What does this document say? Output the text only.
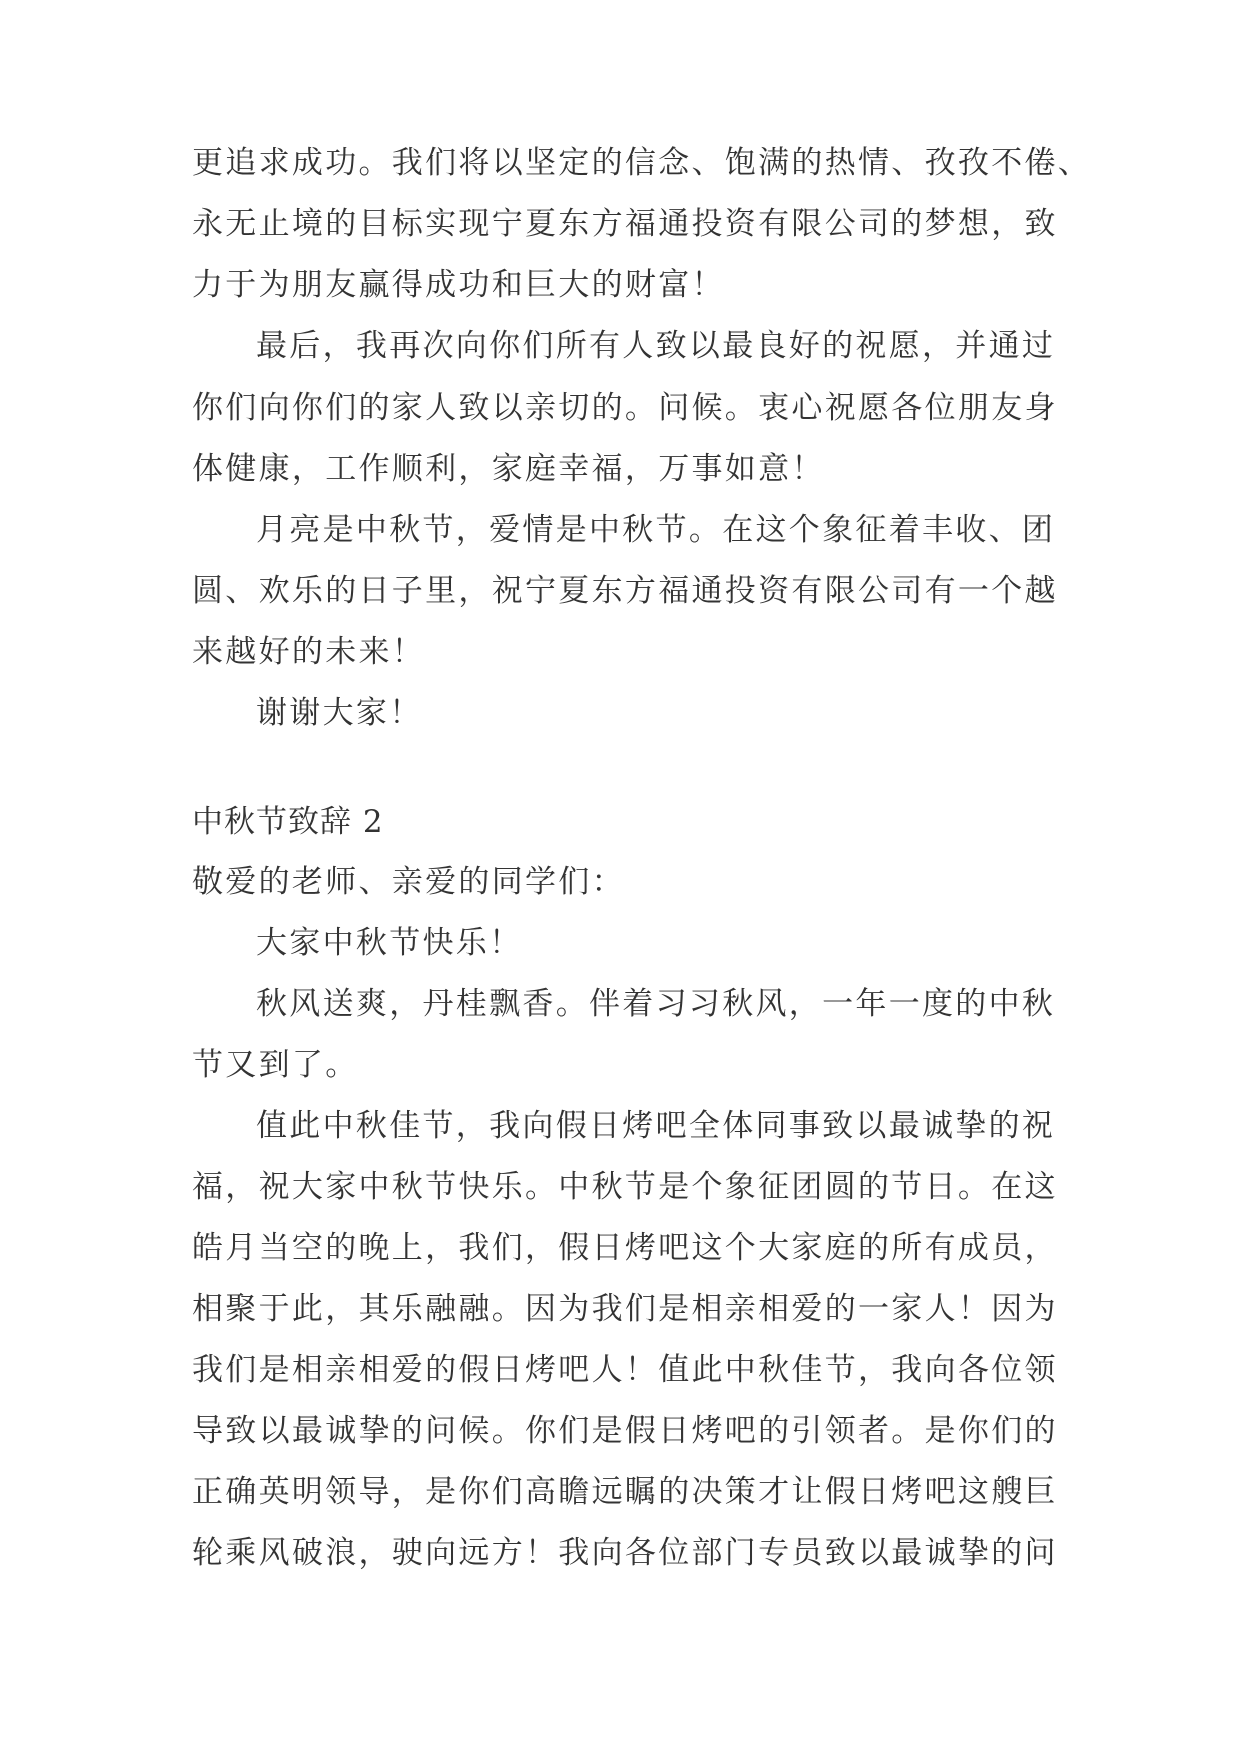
更追求成功。我们将以坚定的信念、饱满的热情、孜孜不倦、
永无止境的目标实现宁夏东方福通投资有限公司的梦想，致
力于为朋友赢得成功和巨大的财富！
最后，我再次向你们所有人致以最良好的祝愿，并通过
你们向你们的家人致以亲切的。问候。衷心祝愿各位朋友身
体健康，工作顺利，家庭幸福，万事如意！
月亮是中秋节，爱情是中秋节。在这个象征着丰收、团
圆、欢乐的日子里，祝宁夏东方福通投资有限公司有一个越
来越好的未来！
谢谢大家！
中秋节致辞 2
敬爱的老师、亲爱的同学们：
大家中秋节快乐！
秋风送爽，丹桂飘香。伴着习习秋风，一年一度的中秋
节又到了。
值此中秋佳节，我向假日烤吧全体同事致以最诚挚的祝
福，祝大家中秋节快乐。中秋节是个象征团圆的节日。在这
皓月当空的晚上，我们，假日烤吧这个大家庭的所有成员，
相聚于此，其乐融融。因为我们是相亲相爱的一家人！因为
我们是相亲相爱的假日烤吧人！值此中秋佳节，我向各位领
导致以最诚挚的问候。你们是假日烤吧的引领者。是你们的
正确英明领导，是你们高瞻远瞩的决策才让假日烤吧这艘巨
轮乘风破浪，驶向远方！我向各位部门专员致以最诚挚的问
